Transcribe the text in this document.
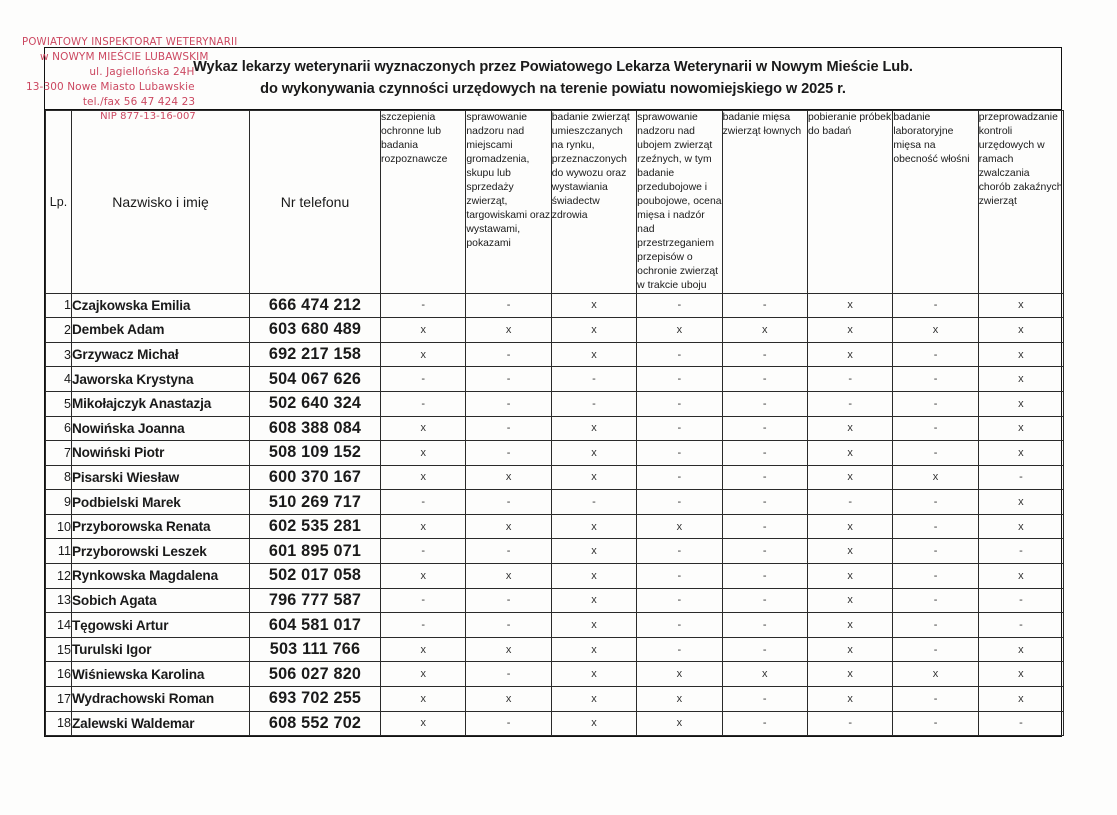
POWIATOWY INSPEKTORAT WETERYNARII
w NOWYM MIEŚCIE LUBAWSKIM
ul. Jagiellońska 24H
13-300 Nowe Miasto Lubawskie
tel./fax 56 47 424 23
NIP 877-13-16-007
Wykaz lekarzy weterynarii wyznaczonych przez Powiatowego Lekarza Weterynarii w Nowym Mieście Lub.
do wykonywania czynności urzędowych na terenie powiatu nowomiejskiego w 2025 r.
Lp.	Nazwisko i imię	Nr telefonu	szczepienia ochronne lub badania rozpoznawcze	sprawowanie nadzoru nad miejscami gromadzenia, skupu lub sprzedaży zwierząt, targowiskami oraz wystawami, pokazami	badanie zwierząt umieszczanych na rynku, przeznaczonych do wywozu oraz wystawiania świadectw zdrowia	sprawowanie nadzoru nad ubojem zwierząt rzeźnych, w tym badanie przedubojowe i poubojowe, ocena mięsa i nadzór nad przestrzeganiem przepisów o ochronie zwierząt w trakcie uboju	badanie mięsa zwierząt łownych	pobieranie próbek do badań	badanie laboratoryjne mięsa na obecność włośni	przeprowadzanie kontroli urzędowych w ramach zwalczania chorób zakaźnych zwierząt
1	Czajkowska Emilia	666 474 212	-	-	x	-	-	x	-	x
2	Dembek Adam	603 680 489	x	x	x	x	x	x	x	x
3	Grzywacz Michał	692 217 158	x	-	x	-	-	x	-	x
4	Jaworska Krystyna	504 067 626	-	-	-	-	-	-	-	x
5	Mikołajczyk Anastazja	502 640 324	-	-	-	-	-	-	-	x
6	Nowińska Joanna	608 388 084	x	-	x	-	-	x	-	x
7	Nowiński Piotr	508 109 152	x	-	x	-	-	x	-	x
8	Pisarski Wiesław	600 370 167	x	x	x	-	-	x	x	-
9	Podbielski Marek	510 269 717	-	-	-	-	-	-	-	x
10	Przyborowska Renata	602 535 281	x	x	x	x	-	x	-	x
11	Przyborowski Leszek	601 895 071	-	-	x	-	-	x	-	-
12	Rynkowska Magdalena	502 017 058	x	x	x	-	-	x	-	x
13	Sobich Agata	796 777 587	-	-	x	-	-	x	-	-
14	Tęgowski Artur	604 581 017	-	-	x	-	-	x	-	-
15	Turulski Igor	503 111 766	x	x	x	-	-	x	-	x
16	Wiśniewska Karolina	506 027 820	x	-	x	x	x	x	x	x
17	Wydrachowski Roman	693 702 255	x	x	x	x	-	x	-	x
18	Zalewski Waldemar	608 552 702	x	-	x	x	-	-	-	-
